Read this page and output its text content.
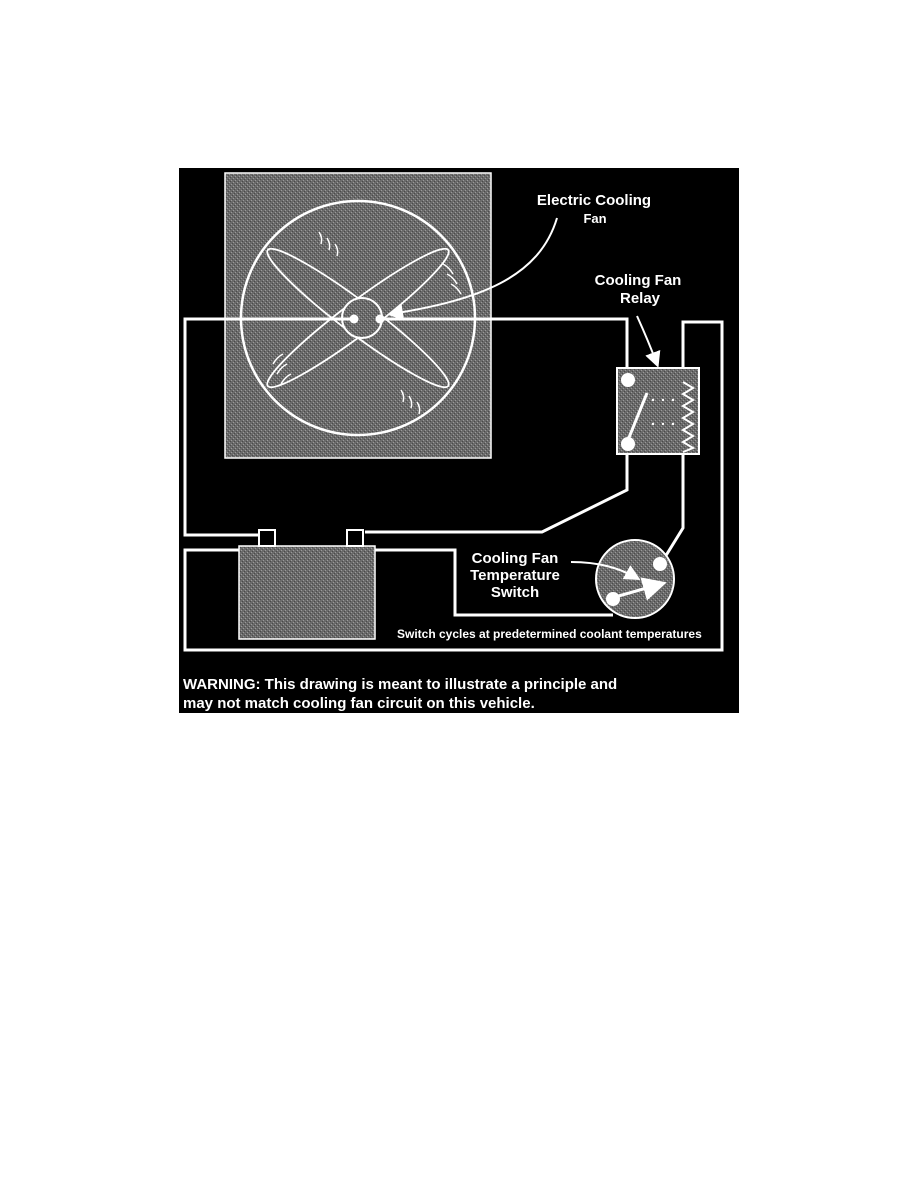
Electric Cooling
Fan
Cooling Fan
Relay
Cooling Fan
Temperature
Switch
Switch cycles at predetermined coolant temperatures
WARNING: This drawing is meant to illustrate a principle and
may not match cooling fan circuit on this vehicle.
